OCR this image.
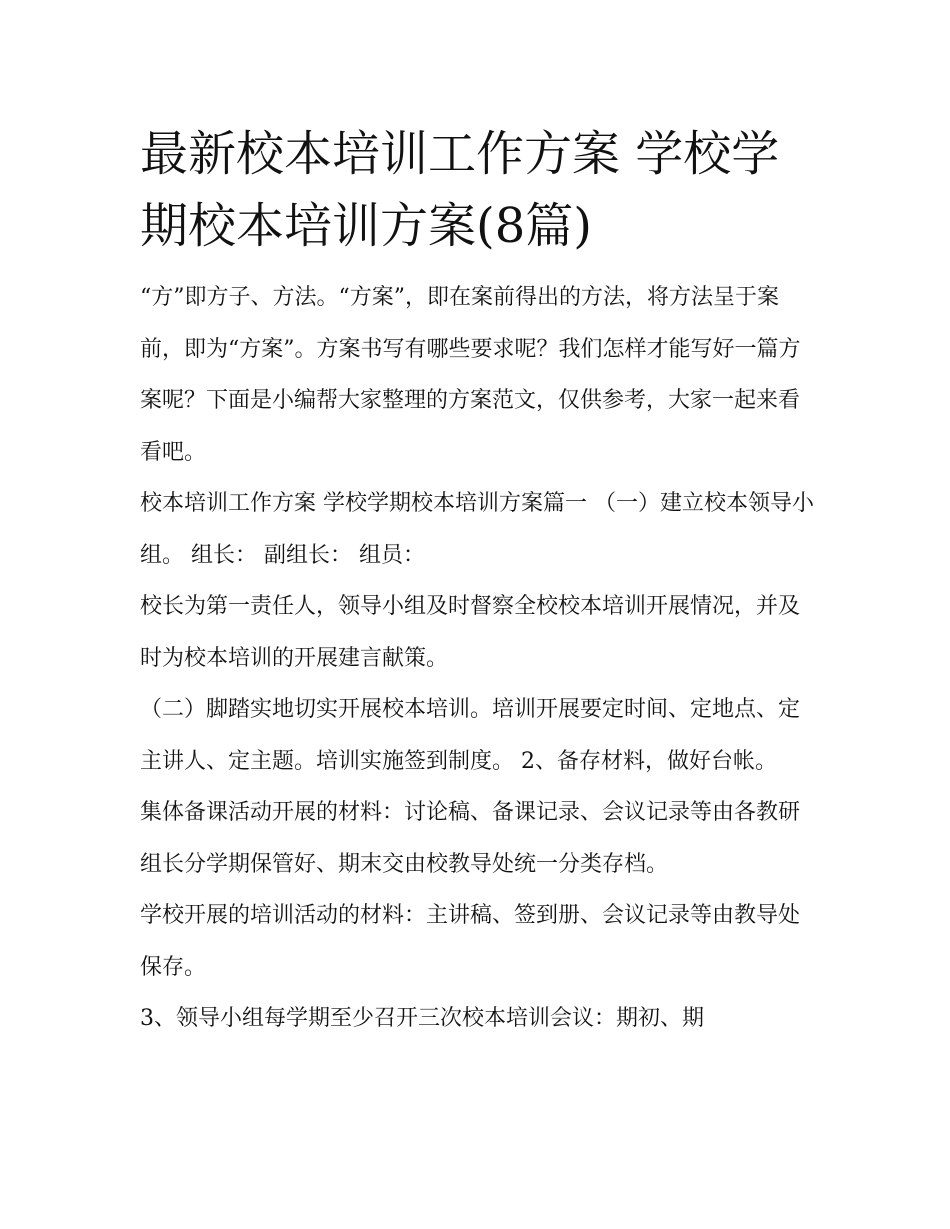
最新校本培训工作方案 学校学期校本培训方案(8篇)

“方”即方子、方法。“方案”，即在案前得出的方法，将方法呈于案前，即为“方案”。方案书写有哪些要求呢？我们怎样才能写好一篇方案呢？下面是小编帮大家整理的方案范文，仅供参考，大家一起来看看吧。

校本培训工作方案 学校学期校本培训方案篇一 （一）建立校本领导小组。 组长： 副组长： 组员：

校长为第一责任人，领导小组及时督察全校校本培训开展情况，并及时为校本培训的开展建言献策。

（二）脚踏实地切实开展校本培训。培训开展要定时间、定地点、定主讲人、定主题。培训实施签到制度。 2、备存材料，做好台帐。

集体备课活动开展的材料：讨论稿、备课记录、会议记录等由各教研组长分学期保管好、期末交由校教导处统一分类存档。

学校开展的培训活动的材料：主讲稿、签到册、会议记录等由教导处保存。

3、领导小组每学期至少召开三次校本培训会议：期初、期
